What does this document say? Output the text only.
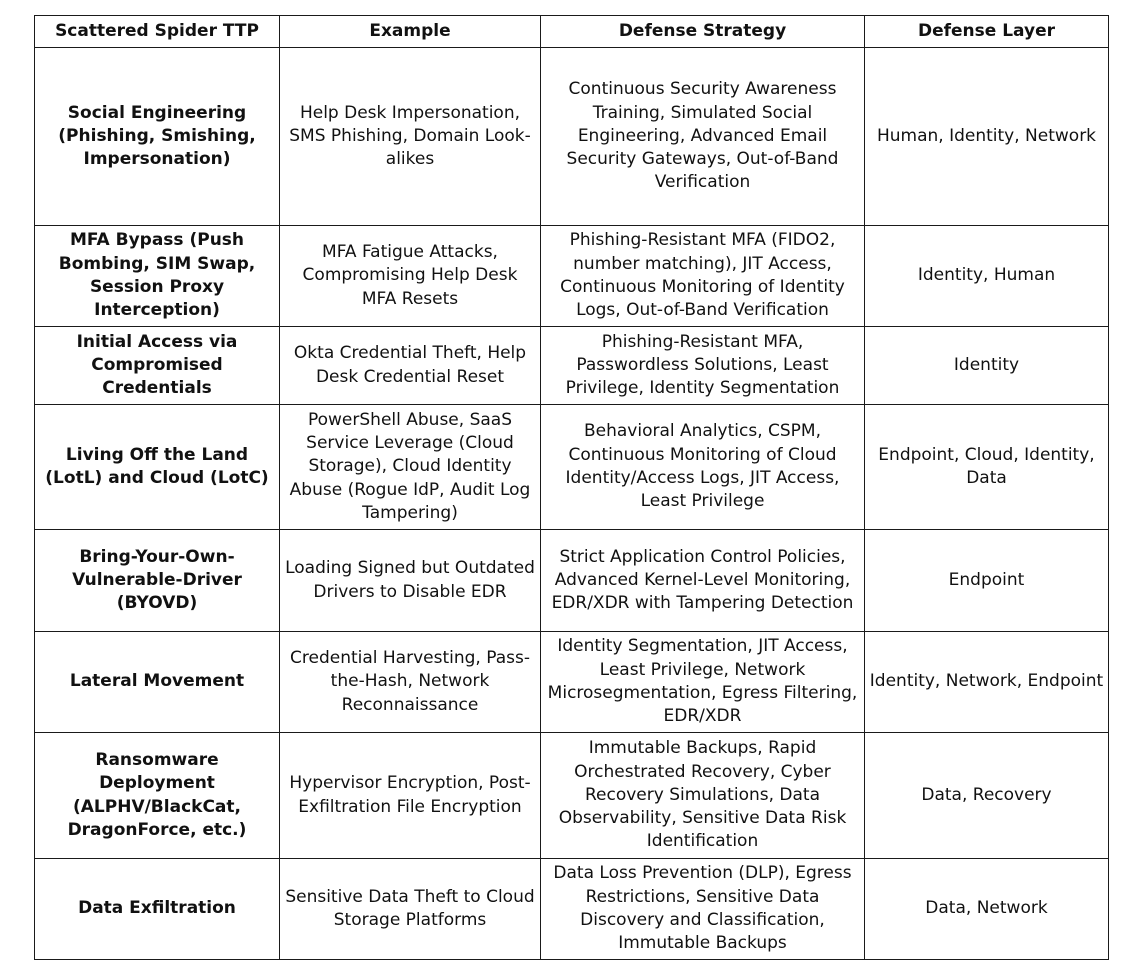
Scattered Spider TTP	Example	Defense Strategy	Defense Layer
Social Engineering (Phishing, Smishing, Impersonation)	Help Desk Impersonation, SMS Phishing, Domain Look-alikes	Continuous Security Awareness Training, Simulated Social Engineering, Advanced Email Security Gateways, Out-of-Band Verification	Human, Identity, Network
MFA Bypass (Push Bombing, SIM Swap, Session Proxy Interception)	MFA Fatigue Attacks, Compromising Help Desk MFA Resets	Phishing-Resistant MFA (FIDO2, number matching), JIT Access, Continuous Monitoring of Identity Logs, Out-of-Band Verification	Identity, Human
Initial Access via Compromised Credentials	Okta Credential Theft, Help Desk Credential Reset	Phishing-Resistant MFA, Passwordless Solutions, Least Privilege, Identity Segmentation	Identity
Living Off the Land (LotL) and Cloud (LotC)	PowerShell Abuse, SaaS Service Leverage (Cloud Storage), Cloud Identity Abuse (Rogue IdP, Audit Log Tampering)	Behavioral Analytics, CSPM, Continuous Monitoring of Cloud Identity/Access Logs, JIT Access, Least Privilege	Endpoint, Cloud, Identity, Data
Bring-Your-Own-Vulnerable-Driver (BYOVD)	Loading Signed but Outdated Drivers to Disable EDR	Strict Application Control Policies, Advanced Kernel-Level Monitoring, EDR/XDR with Tampering Detection	Endpoint
Lateral Movement	Credential Harvesting, Pass-the-Hash, Network Reconnaissance	Identity Segmentation, JIT Access, Least Privilege, Network Microsegmentation, Egress Filtering, EDR/XDR	Identity, Network, Endpoint
Ransomware Deployment (ALPHV/BlackCat, DragonForce, etc.)	Hypervisor Encryption, Post-Exfiltration File Encryption	Immutable Backups, Rapid Orchestrated Recovery, Cyber Recovery Simulations, Data Observability, Sensitive Data Risk Identification	Data, Recovery
Data Exfiltration	Sensitive Data Theft to Cloud Storage Platforms	Data Loss Prevention (DLP), Egress Restrictions, Sensitive Data Discovery and Classification, Immutable Backups	Data, Network
